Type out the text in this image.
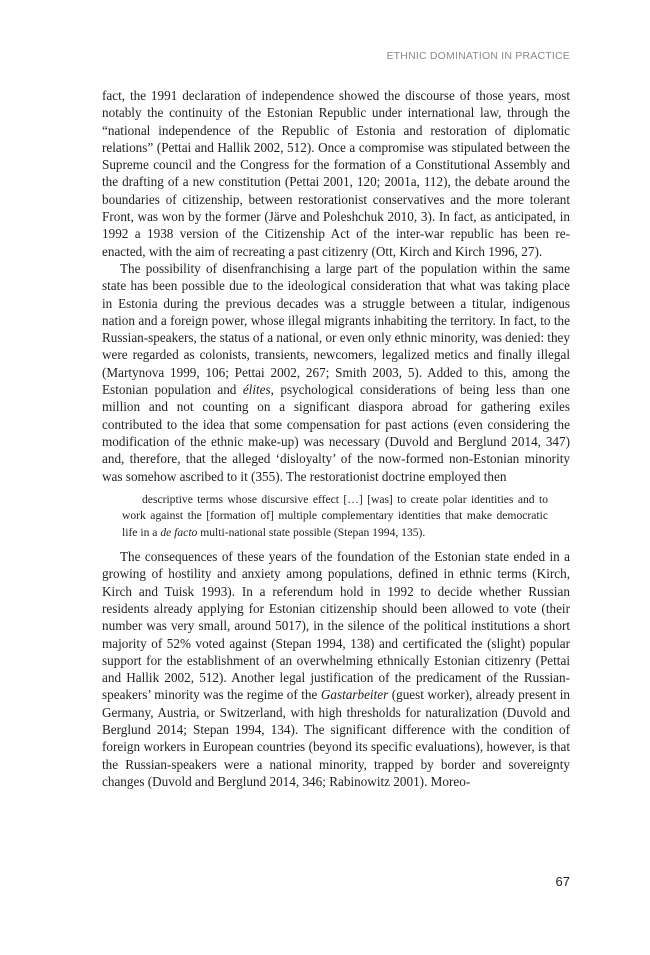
ETHNIC DOMINATION IN PRACTICE

fact, the 1991 declaration of independence showed the discourse of those years, most notably the continuity of the Estonian Republic under international law, through the “national independence of the Republic of Estonia and restoration of diplomatic relations” (Pettai and Hallik 2002, 512). Once a compromise was stipulated between the Supreme council and the Congress for the formation of a Constitutional Assembly and the drafting of a new constitution (Pettai 2001, 120; 2001a, 112), the debate around the boundaries of citizenship, between restorationist conservatives and the more tolerant Front, was won by the former (Järve and Poleshchuk 2010, 3). In fact, as anticipated, in 1992 a 1938 version of the Citizenship Act of the inter-war republic has been re-enacted, with the aim of recreating a past citizenry (Ott, Kirch and Kirch 1996, 27).

The possibility of disenfranchising a large part of the population within the same state has been possible due to the ideological consideration that what was taking place in Estonia during the previous decades was a struggle between a titular, indigenous nation and a foreign power, whose illegal migrants inhabiting the territory. In fact, to the Russian-speakers, the status of a national, or even only ethnic minority, was denied: they were regarded as colonists, transients, newcomers, legalized metics and finally illegal (Martynova 1999, 106; Pettai 2002, 267; Smith 2003, 5). Added to this, among the Estonian population and élites, psychological considerations of being less than one million and not counting on a significant diaspora abroad for gathering exiles contributed to the idea that some compensation for past actions (even considering the modification of the ethnic make-up) was necessary (Duvold and Berglund 2014, 347) and, therefore, that the alleged ‘disloyalty’ of the now-formed non-Estonian minority was somehow ascribed to it (355). The restorationist doctrine employed then

descriptive terms whose discursive effect […] [was] to create polar identities and to work against the [formation of] multiple complementary identities that make democratic life in a de facto multi-national state possible (Stepan 1994, 135).

The consequences of these years of the foundation of the Estonian state ended in a growing of hostility and anxiety among populations, defined in ethnic terms (Kirch, Kirch and Tuisk 1993). In a referendum hold in 1992 to decide whether Russian residents already applying for Estonian citizenship should been allowed to vote (their number was very small, around 5017), in the silence of the political institutions a short majority of 52% voted against (Stepan 1994, 138) and certificated the (slight) popular support for the establishment of an overwhelming ethnically Estonian citizenry (Pettai and Hallik 2002, 512). Another legal justification of the predicament of the Russian-speakers’ minority was the regime of the Gastarbeiter (guest worker), already present in Germany, Austria, or Switzerland, with high thresholds for naturalization (Duvold and Berglund 2014; Stepan 1994, 134). The significant difference with the condition of foreign workers in European countries (beyond its specific evaluations), however, is that the Russian-speakers were a national minority, trapped by border and sovereignty changes (Duvold and Berglund 2014, 346; Rabinowitz 2001). Moreo-

67
